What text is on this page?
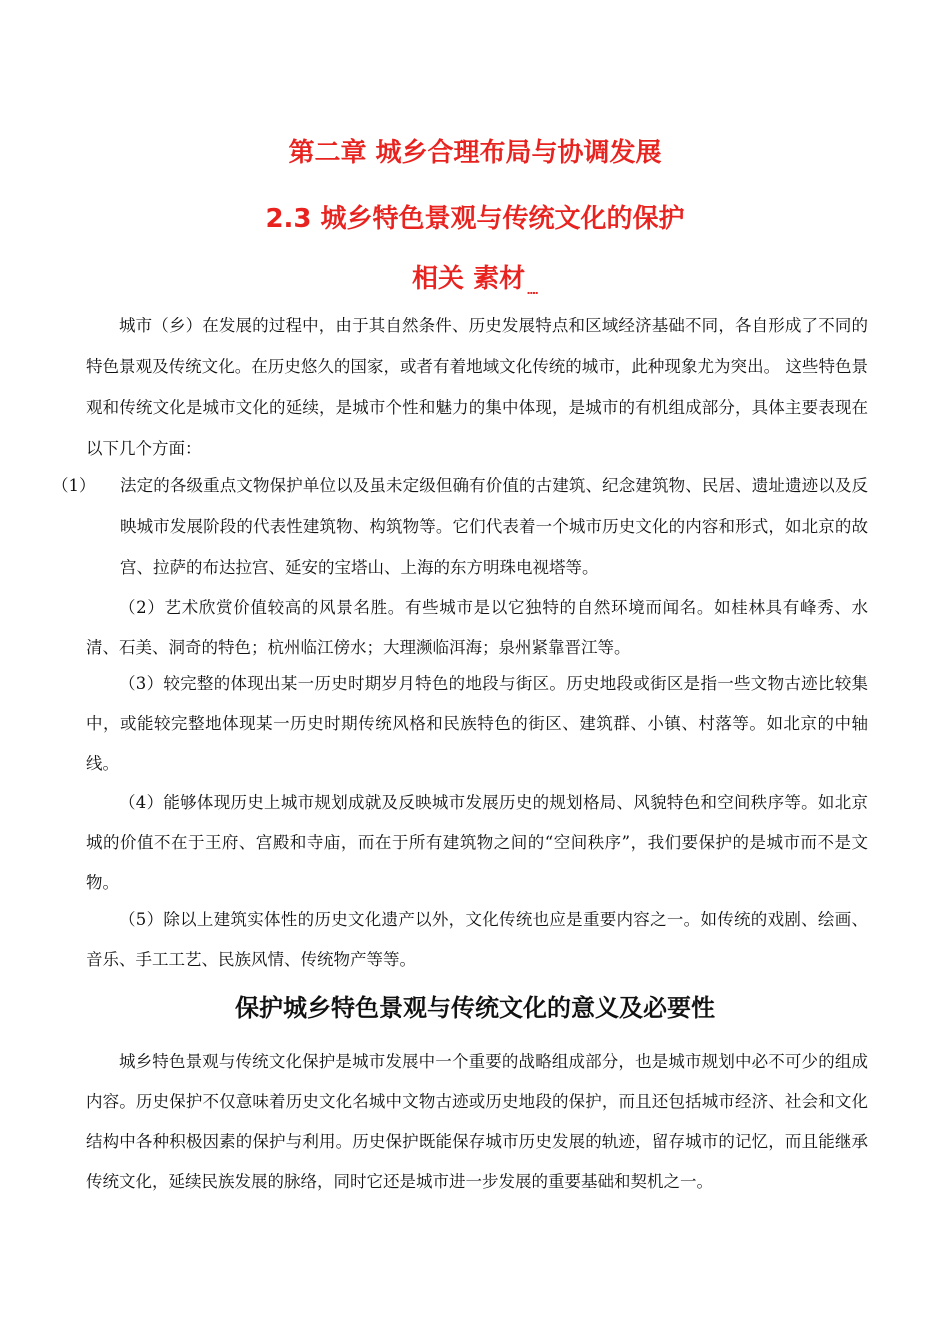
第二章 城乡合理布局与协调发展
2.3 城乡特色景观与传统文化的保护
相关 素材 ▪▪▪▪

城市（乡）在发展的过程中，由于其自然条件、历史发展特点和区域经济基础不同，各自形成了不同的特色景观及传统文化。在历史悠久的国家，或者有着地域文化传统的城市，此种现象尤为突出。 这些特色景观和传统文化是城市文化的延续，是城市个性和魅力的集中体现，是城市的有机组成部分，具体主要表现在以下几个方面：

（1） 法定的各级重点文物保护单位以及虽未定级但确有价值的古建筑、纪念建筑物、民居、遗址遗迹以及反映城市发展阶段的代表性建筑物、构筑物等。它们代表着一个城市历史文化的内容和形式，如北京的故宫、拉萨的布达拉宫、延安的宝塔山、上海的东方明珠电视塔等。

（2）艺术欣赏价值较高的风景名胜。有些城市是以它独特的自然环境而闻名。如桂林具有峰秀、水清、石美、洞奇的特色；杭州临江傍水；大理濒临洱海；泉州紧靠晋江等。

（3）较完整的体现出某一历史时期岁月特色的地段与街区。历史地段或街区是指一些文物古迹比较集中，或能较完整地体现某一历史时期传统风格和民族特色的街区、建筑群、小镇、村落等。如北京的中轴线。

（4）能够体现历史上城市规划成就及反映城市发展历史的规划格局、风貌特色和空间秩序等。如北京城的价值不在于王府、宫殿和寺庙，而在于所有建筑物之间的“空间秩序”，我们要保护的是城市而不是文物。

（5）除以上建筑实体性的历史文化遗产以外，文化传统也应是重要内容之一。如传统的戏剧、绘画、音乐、手工工艺、民族风情、传统物产等等。

保护城乡特色景观与传统文化的意义及必要性

城乡特色景观与传统文化保护是城市发展中一个重要的战略组成部分，也是城市规划中必不可少的组成内容。历史保护不仅意味着历史文化名城中文物古迹或历史地段的保护，而且还包括城市经济、社会和文化结构中各种积极因素的保护与利用。历史保护既能保存城市历史发展的轨迹，留存城市的记忆，而且能继承传统文化，延续民族发展的脉络，同时它还是城市进一步发展的重要基础和契机之一。
